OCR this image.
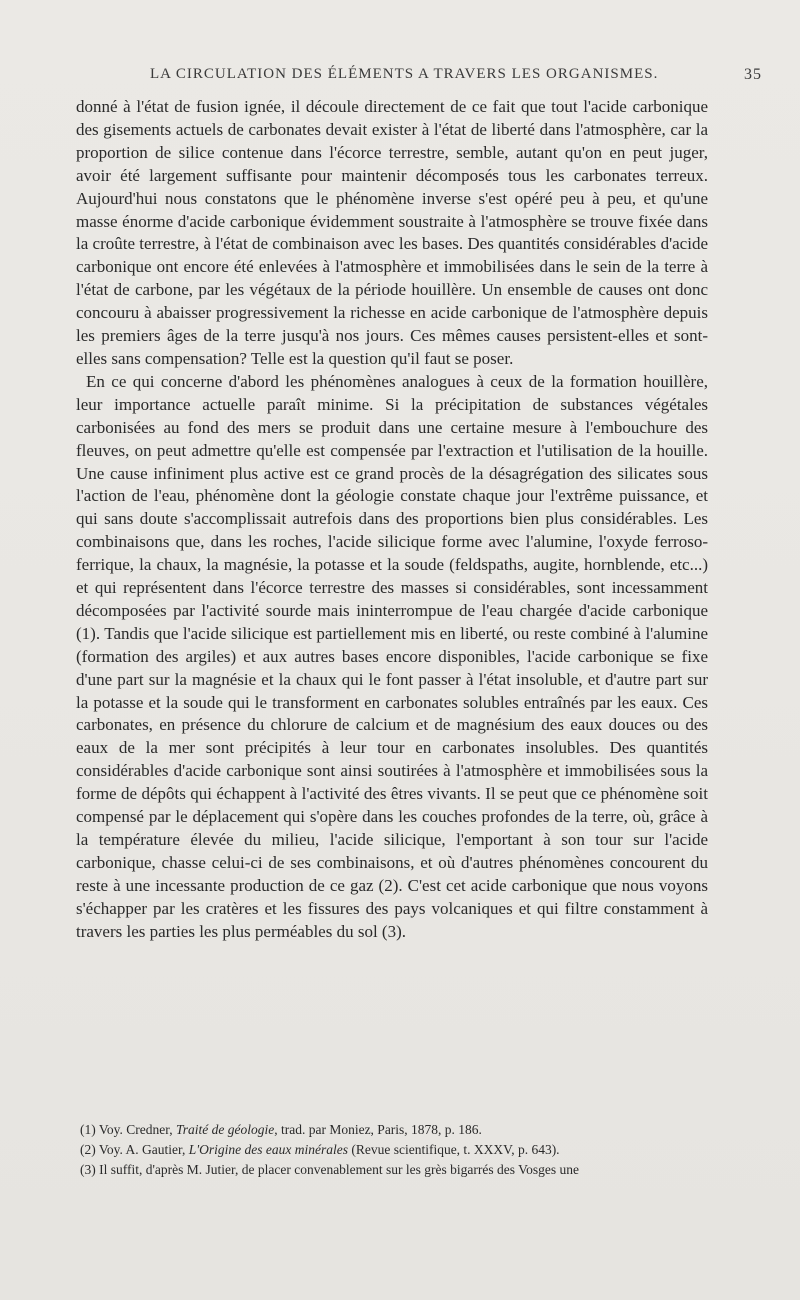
LA CIRCULATION DES ÉLÉMENTS A TRAVERS LES ORGANISMES.	35

donné à l'état de fusion ignée, il découle directement de ce fait que tout l'acide carbonique des gisements actuels de carbonates devait exister à l'état de liberté dans l'atmosphère, car la proportion de silice contenue dans l'écorce terrestre, semble, autant qu'on en peut juger, avoir été largement suffisante pour maintenir décomposés tous les carbonates terreux. Aujourd'hui nous constatons que le phénomène inverse s'est opéré peu à peu, et qu'une masse énorme d'acide carbonique évidemment soustraite à l'atmosphère se trouve fixée dans la croûte terrestre, à l'état de combinaison avec les bases. Des quantités considérables d'acide carbonique ont encore été enlevées à l'atmosphère et immobilisées dans le sein de la terre à l'état de carbone, par les végétaux de la période houillère. Un ensemble de causes ont donc concouru à abaisser progressivement la richesse en acide carbonique de l'atmosphère depuis les premiers âges de la terre jusqu'à nos jours. Ces mêmes causes persistent-elles et sont-elles sans compensation? Telle est la question qu'il faut se poser.

En ce qui concerne d'abord les phénomènes analogues à ceux de la formation houillère, leur importance actuelle paraît minime. Si la précipitation de substances végétales carbonisées au fond des mers se produit dans une certaine mesure à l'embouchure des fleuves, on peut admettre qu'elle est compensée par l'extraction et l'utilisation de la houille. Une cause infiniment plus active est ce grand procès de la désagrégation des silicates sous l'action de l'eau, phénomène dont la géologie constate chaque jour l'extrême puissance, et qui sans doute s'accomplissait autrefois dans des proportions bien plus considérables. Les combinaisons que, dans les roches, l'acide silicique forme avec l'alumine, l'oxyde ferroso-ferrique, la chaux, la magnésie, la potasse et la soude (feldspaths, augite, hornblende, etc...) et qui représentent dans l'écorce terrestre des masses si considérables, sont incessamment décomposées par l'activité sourde mais ininterrompue de l'eau chargée d'acide carbonique (1). Tandis que l'acide silicique est partiellement mis en liberté, ou reste combiné à l'alumine (formation des argiles) et aux autres bases encore disponibles, l'acide carbonique se fixe d'une part sur la magnésie et la chaux qui le font passer à l'état insoluble, et d'autre part sur la potasse et la soude qui le transforment en carbonates solubles entraînés par les eaux. Ces carbonates, en présence du chlorure de calcium et de magnésium des eaux douces ou des eaux de la mer sont précipités à leur tour en carbonates insolubles. Des quantités considérables d'acide carbonique sont ainsi soutirées à l'atmosphère et immobilisées sous la forme de dépôts qui échappent à l'activité des êtres vivants. Il se peut que ce phénomène soit compensé par le déplacement qui s'opère dans les couches profondes de la terre, où, grâce à la température élevée du milieu, l'acide silicique, l'emportant à son tour sur l'acide carbonique, chasse celui-ci de ses combinaisons, et où d'autres phénomènes concourent du reste à une incessante production de ce gaz (2). C'est cet acide carbonique que nous voyons s'échapper par les cratères et les fissures des pays volcaniques et qui filtre constamment à travers les parties les plus perméables du sol (3).

(1) Voy. Credner, Traité de géologie, trad. par Moniez, Paris, 1878, p. 186.
(2) Voy. A. Gautier, L'Origine des eaux minérales (Revue scientifique, t. XXXV, p. 643).
(3) Il suffit, d'après M. Jutier, de placer convenablement sur les grès bigarrés des Vosges une
